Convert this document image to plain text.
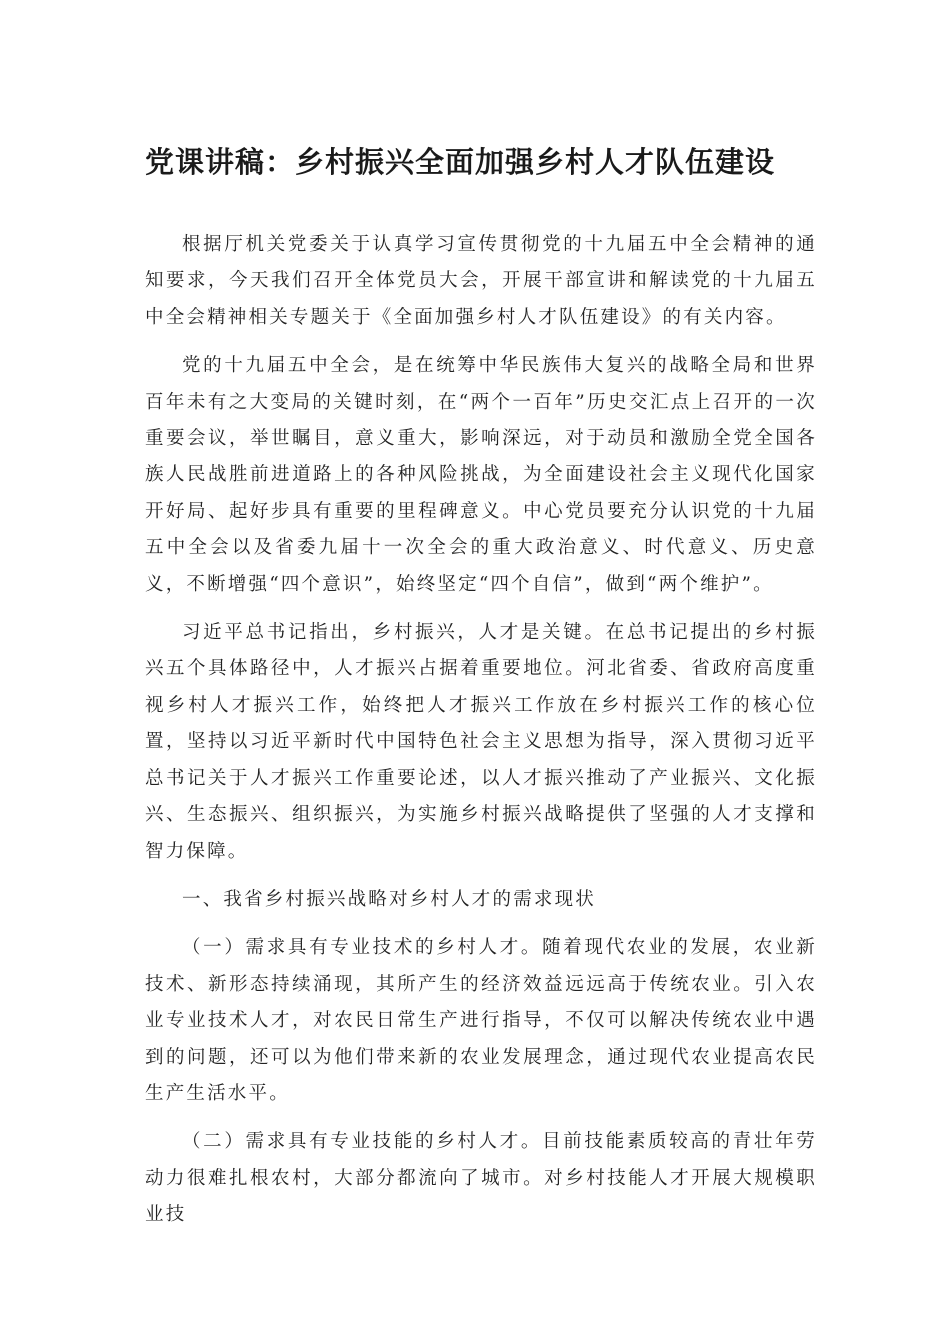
党课讲稿：乡村振兴全面加强乡村人才队伍建设

根据厅机关党委关于认真学习宣传贯彻党的十九届五中全会精神的通知要求，今天我们召开全体党员大会，开展干部宣讲和解读党的十九届五中全会精神相关专题关于《全面加强乡村人才队伍建设》的有关内容。

党的十九届五中全会，是在统筹中华民族伟大复兴的战略全局和世界百年未有之大变局的关键时刻，在“两个一百年”历史交汇点上召开的一次重要会议，举世瞩目，意义重大，影响深远，对于动员和激励全党全国各族人民战胜前进道路上的各种风险挑战，为全面建设社会主义现代化国家开好局、起好步具有重要的里程碑意义。中心党员要充分认识党的十九届五中全会以及省委九届十一次全会的重大政治意义、时代意义、历史意义，不断增强“四个意识”，始终坚定“四个自信”，做到“两个维护”。

习近平总书记指出，乡村振兴，人才是关键。在总书记提出的乡村振兴五个具体路径中，人才振兴占据着重要地位。河北省委、省政府高度重视乡村人才振兴工作，始终把人才振兴工作放在乡村振兴工作的核心位置，坚持以习近平新时代中国特色社会主义思想为指导，深入贯彻习近平总书记关于人才振兴工作重要论述，以人才振兴推动了产业振兴、文化振兴、生态振兴、组织振兴，为实施乡村振兴战略提供了坚强的人才支撑和智力保障。

一、我省乡村振兴战略对乡村人才的需求现状

（一）需求具有专业技术的乡村人才。随着现代农业的发展，农业新技术、新形态持续涌现，其所产生的经济效益远远高于传统农业。引入农业专业技术人才，对农民日常生产进行指导，不仅可以解决传统农业中遇到的问题，还可以为他们带来新的农业发展理念，通过现代农业提高农民生产生活水平。

（二）需求具有专业技能的乡村人才。目前技能素质较高的青壮年劳动力很难扎根农村，大部分都流向了城市。对乡村技能人才开展大规模职业技
